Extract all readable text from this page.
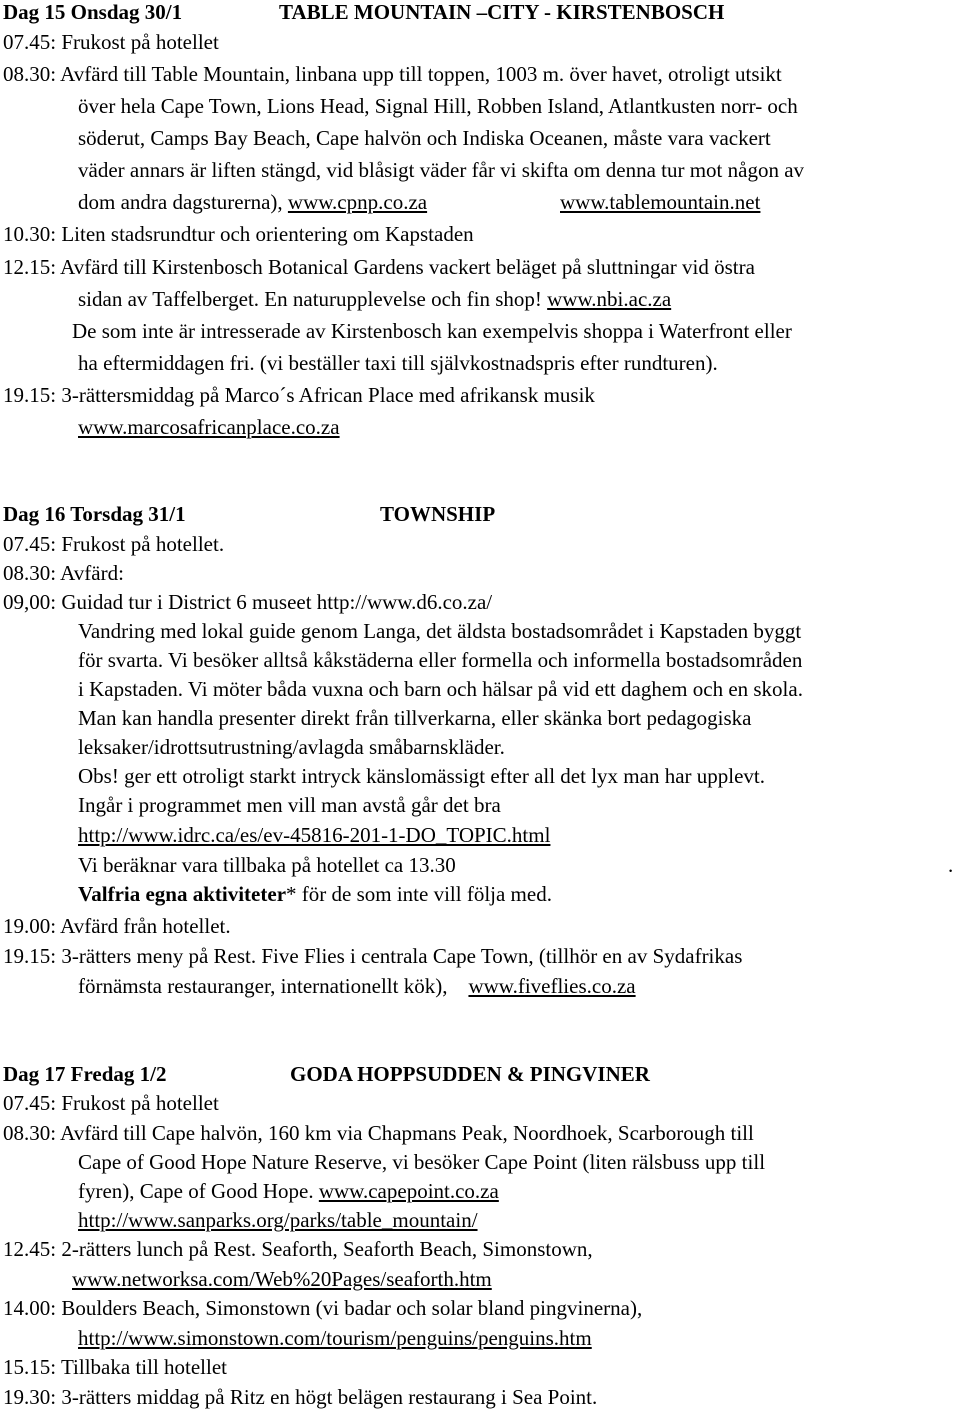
Dag 15 Onsdag 30/1	TABLE MOUNTAIN –CITY - KIRSTENBOSCH
07.45: Frukost på hotellet
08.30: Avfärd till Table Mountain, linbana upp till toppen, 1003 m. över havet, otroligt utsikt
över hela Cape Town, Lions Head, Signal Hill, Robben Island, Atlantkusten norr- och
söderut, Camps Bay Beach, Cape halvön och Indiska Oceanen, måste vara vackert
väder annars är liften stängd, vid blåsigt väder får vi skifta om denna tur mot någon av
dom andra dagsturerna), www.cpnp.co.za	www.tablemountain.net
10.30: Liten stadsrundtur och orientering om Kapstaden
12.15: Avfärd till Kirstenbosch Botanical Gardens vackert beläget på sluttningar vid östra
sidan av Taffelberget. En naturupplevelse och fin shop! www.nbi.ac.za
De som inte är intresserade av Kirstenbosch kan exempelvis shoppa i Waterfront eller
ha eftermiddagen fri. (vi beställer taxi till självkostnadspris efter rundturen).
19.15: 3-rättersmiddag på Marco´s African Place med afrikansk musik
www.marcosafricanplace.co.za
Dag 16 Torsdag 31/1	TOWNSHIP
07.45: Frukost på hotellet.
08.30: Avfärd:
09,00: Guidad tur i District 6 museet http://www.d6.co.za/
Vandring med lokal guide genom Langa, det äldsta bostadsområdet i Kapstaden byggt
för svarta. Vi besöker alltså kåkstäderna eller formella och informella bostadsområden
i Kapstaden. Vi möter båda vuxna och barn och hälsar på vid ett daghem och en skola.
Man kan handla presenter direkt från tillverkarna, eller skänka bort pedagogiska
leksaker/idrottsutrustning/avlagda småbarnskläder.
Obs! ger ett otroligt starkt intryck känslomässigt efter all det lyx man har upplevt.
Ingår i programmet men vill man avstå går det bra
http://www.idrc.ca/es/ev-45816-201-1-DO_TOPIC.html
Vi beräknar vara tillbaka på hotellet ca 13.30	.
Valfria egna aktiviteter* för de som inte vill följa med.
19.00: Avfärd från hotellet.
19.15: 3-rätters meny på Rest. Five Flies i centrala Cape Town, (tillhör en av Sydafrikas
förnämsta restauranger, internationellt kök),    www.fiveflies.co.za
Dag 17 Fredag 1/2	GODA HOPPSUDDEN & PINGVINER
07.45: Frukost på hotellet
08.30: Avfärd till Cape halvön, 160 km via Chapmans Peak, Noordhoek, Scarborough till
Cape of Good Hope Nature Reserve, vi besöker Cape Point (liten rälsbuss upp till
fyren), Cape of Good Hope. www.capepoint.co.za
http://www.sanparks.org/parks/table_mountain/
12.45: 2-rätters lunch på Rest. Seaforth, Seaforth Beach, Simonstown,
www.networksa.com/Web%20Pages/seaforth.htm
14.00: Boulders Beach, Simonstown (vi badar och solar bland pingvinerna),
http://www.simonstown.com/tourism/penguins/penguins.htm
15.15: Tillbaka till hotellet
19.30: 3-rätters middag på Ritz en högt belägen restaurang i Sea Point.
